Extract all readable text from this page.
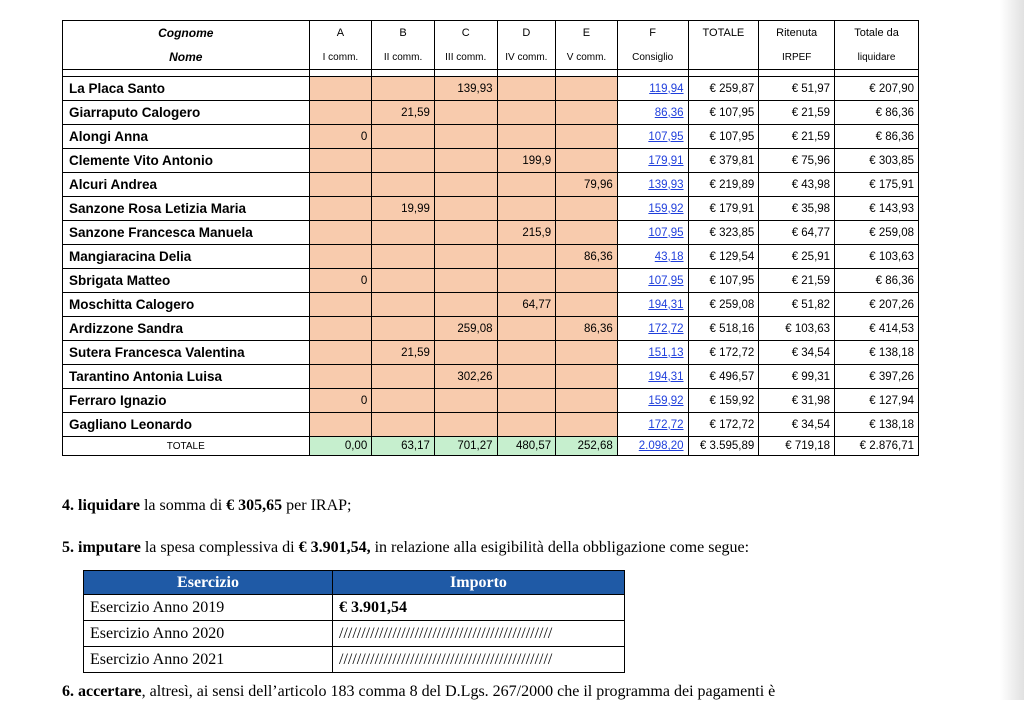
Cognome	A	B	C	D	E	F	TOTALE	Ritenuta	Totale da
Nome	I comm.	II comm.	III comm.	IV comm.	V comm.	Consiglio		IRPEF	liquidare

La Placa Santo			139,93			119,94	€ 259,87	€ 51,97	€ 207,90
Giarraputo Calogero		21,59				86,36	€ 107,95	€ 21,59	€ 86,36
Alongi Anna	0					107,95	€ 107,95	€ 21,59	€ 86,36
Clemente Vito Antonio				199,9		179,91	€ 379,81	€ 75,96	€ 303,85
Alcuri Andrea					79,96	139,93	€ 219,89	€ 43,98	€ 175,91
Sanzone Rosa Letizia Maria		19,99				159,92	€ 179,91	€ 35,98	€ 143,93
Sanzone Francesca Manuela				215,9		107,95	€ 323,85	€ 64,77	€ 259,08
Mangiaracina Delia					86,36	43,18	€ 129,54	€ 25,91	€ 103,63
Sbrigata Matteo	0					107,95	€ 107,95	€ 21,59	€ 86,36
Moschitta Calogero				64,77		194,31	€ 259,08	€ 51,82	€ 207,26
Ardizzone Sandra			259,08		86,36	172,72	€ 518,16	€ 103,63	€ 414,53
Sutera Francesca Valentina		21,59				151,13	€ 172,72	€ 34,54	€ 138,18
Tarantino Antonia Luisa			302,26			194,31	€ 496,57	€ 99,31	€ 397,26
Ferraro Ignazio	0					159,92	€ 159,92	€ 31,98	€ 127,94
Gagliano Leonardo						172,72	€ 172,72	€ 34,54	€ 138,18
TOTALE	0,00	63,17	701,27	480,57	252,68	2.098,20	€ 3.595,89	€ 719,18	€ 2.876,71
4. liquidare la somma di € 305,65 per IRAP;
5. imputare la spesa complessiva di € 3.901,54, in relazione alla esigibilità della obbligazione come segue:
Esercizio	Importo
Esercizio Anno 2019	€ 3.901,54
Esercizio Anno 2020	////////////////////////////////////////////////
Esercizio Anno 2021	////////////////////////////////////////////////
6. accertare, altresì, ai sensi dell’articolo 183 comma 8 del D.Lgs. 267/2000 che il programma dei pagamenti è
